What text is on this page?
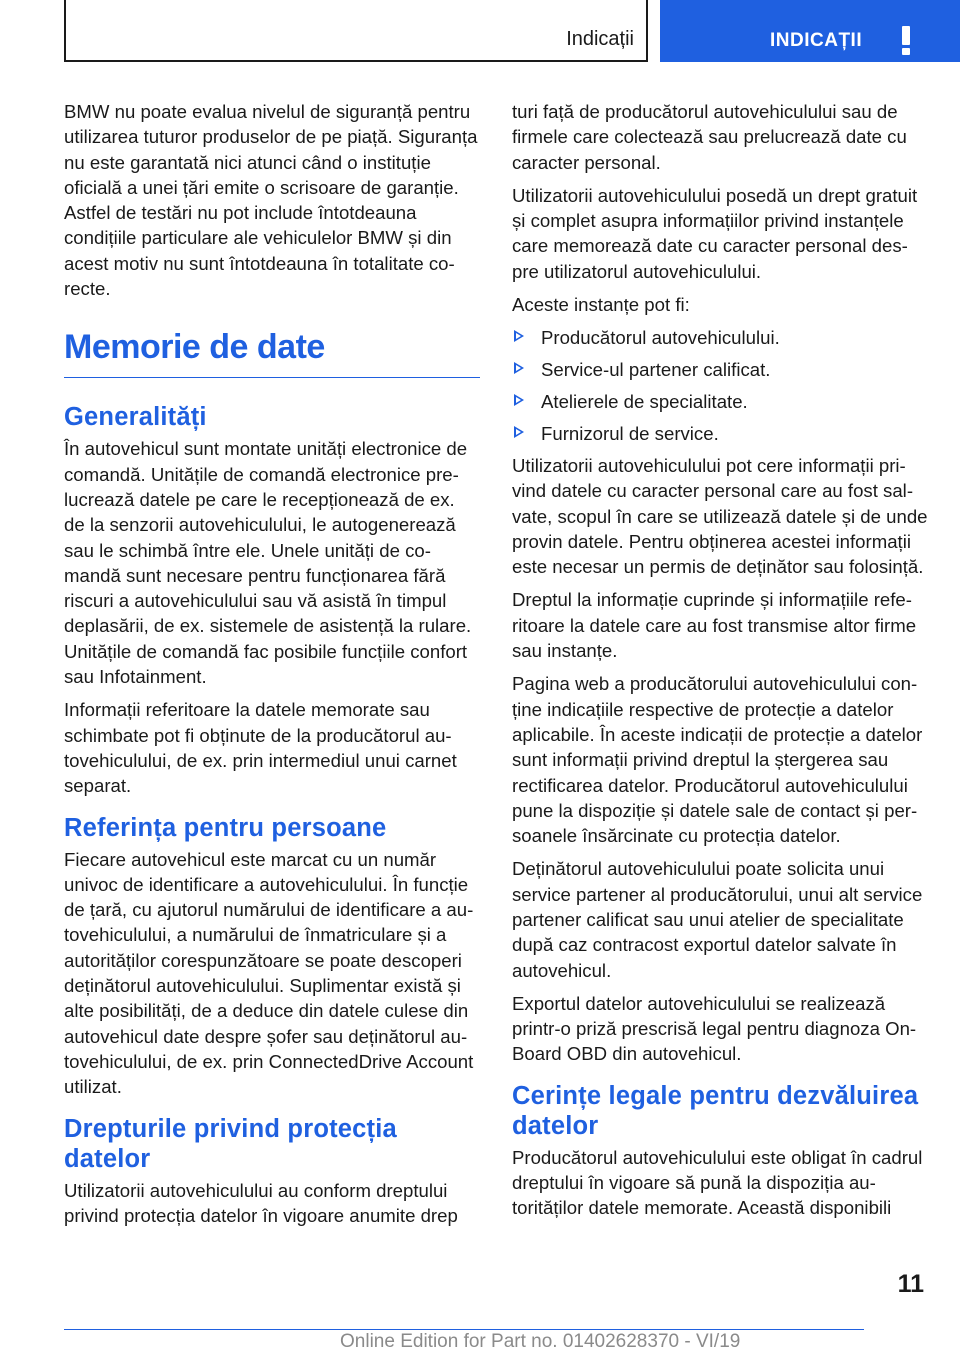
Indicații	INDICAȚII

BMW nu poate evalua nivelul de siguranță pentru utilizarea tuturor produselor de pe piață. Siguranța nu este garantată nici atunci când o instituție oficială a unei țări emite o scrisoare de garanție. Astfel de testări nu pot include întotdeauna condițiile particulare ale vehiculelor BMW și din acest motiv nu sunt întotdeauna în totalitate corecte.

Memorie de date
Generalități

În autovehicul sunt montate unități electronice de comandă. Unitățile de comandă electronice prelucrează datele pe care le recepționează de ex. de la senzorii autovehiculului, le autogenerează sau le schimbă între ele. Unele unități de comandă sunt necesare pentru funcționarea fără riscuri a autovehiculului sau vă asistă în timpul deplasării, de ex. sistemele de asistență la rulare. Unitățile de comandă fac posibile funcțiile confort sau Infotainment.

Informații referitoare la datele memorate sau schimbate pot fi obținute de la producătorul autovehiculului, de ex. prin intermediul unui carnet separat.

Referința pentru persoane

Fiecare autovehicul este marcat cu un număr univoc de identificare a autovehiculului. În funcție de țară, cu ajutorul numărului de identificare a autovehiculului, a numărului de înmatriculare și a autorităților corespunzătoare se poate descoperi deținătorul autovehiculului. Suplimentar există și alte posibilități, de a deduce din datele culese din autovehicul date despre șofer sau deținătorul autovehiculului, de ex. prin ConnectedDrive Account utilizat.

Drepturile privind protecția datelor

Utilizatorii autovehiculului au conform dreptului privind protecția datelor în vigoare anumite drep

turi față de producătorul autovehiculului sau de firmele care colectează sau prelucrează date cu caracter personal.

Utilizatorii autovehiculului posedă un drept gratuit și complet asupra informațiilor privind instanțele care memorează date cu caracter personal despre utilizatorul autovehiculului.

Aceste instanțe pot fi:

Producătorul autovehiculului.
Service-ul partener calificat.
Atelierele de specialitate.
Furnizorul de service.

Utilizatorii autovehiculului pot cere informații privind datele cu caracter personal care au fost salvate, scopul în care se utilizează datele și de unde provin datele. Pentru obținerea acestei informații este necesar un permis de deținător sau folosință.

Dreptul la informație cuprinde și informațiile referitoare la datele care au fost transmise altor firme sau instanțe.

Pagina web a producătorului autovehiculului conține indicațiile respective de protecție a datelor aplicabile. În aceste indicații de protecție a datelor sunt informații privind dreptul la ștergerea sau rectificarea datelor. Producătorul autovehiculului pune la dispoziție și datele sale de contact și persoanele însărcinate cu protecția datelor.

Deținătorul autovehiculului poate solicita unui service partener al producătorului, unui alt service partener calificat sau unui atelier de specialitate după caz contracost exportul datelor salvate în autovehicul.

Exportul datelor autovehiculului se realizează printr-o priză prescrisă legal pentru diagnoza On-Board OBD din autovehicul.

Cerințe legale pentru dezvăluirea datelor

Producătorul autovehiculului este obligat în cadrul dreptului în vigoare să pună la dispoziția autorităților datele memorate. Această disponibili

11
Online Edition for Part no. 01402628370 - VI/19
